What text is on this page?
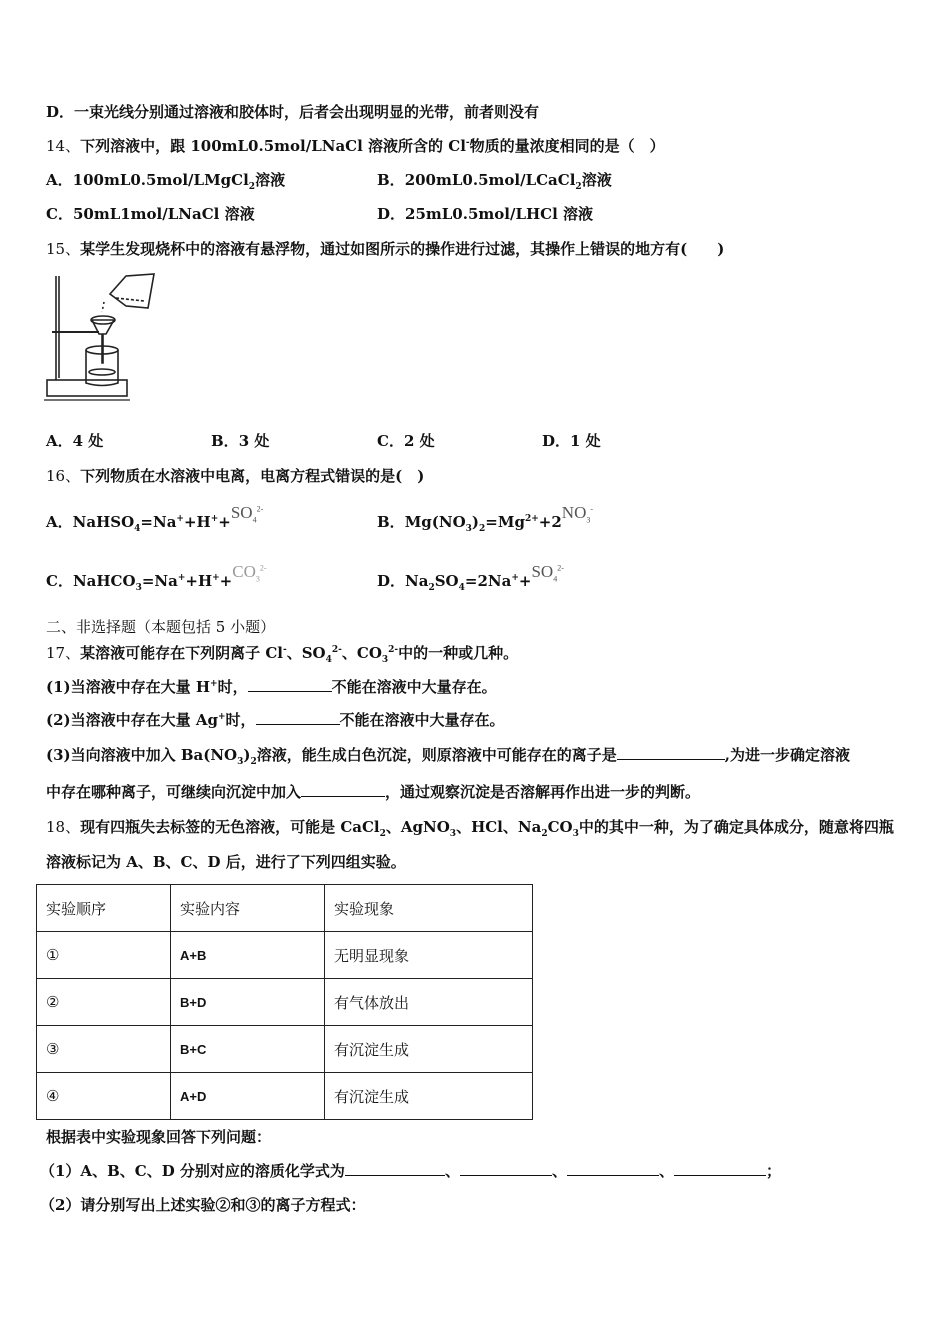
D．一束光线分别通过溶液和胶体时，后者会出现明显的光带，前者则没有
14、下列溶液中，跟 100mL0.5mol/LNaCl 溶液所含的 Cl-物质的量浓度相同的是（　）
A．100mL0.5mol/LMgCl$_2$溶液	B．200mL0.5mol/LCaCl$_2$溶液
C．50mL1mol/LNaCl 溶液	D．25mL0.5mol/LHCl 溶液
15、某学生发现烧杯中的溶液有悬浮物，通过如图所示的操作进行过滤，其操作上错误的地方有(　　)
A．4 处	B．3 处	C．2 处	D．1 处
16、下列物质在水溶液中电离，电离方程式错误的是(　)
A．$NaHSO_4=Na^++H^++SO_4^{2-}$
B．$Mg(NO_3)_2=Mg^{2+}+2NO_3^-$
C．$NaHCO_3=Na^++H^++CO_3^{2-}$
D．$Na_2SO_4=2Na^++SO_4^{2-}$
二、非选择题（本题包括 5 小题）
17、某溶液可能存在下列阴离子 Cl-、$SO_4^{2-}$、$CO_3^{2-}$中的一种或几种。
(1)当溶液中存在大量 H+时，	不能在溶液中大量存在。
(2)当溶液中存在大量 Ag+时，	不能在溶液中大量存在。
(3)当向溶液中加入 $Ba(NO_3)_2$溶液，能生成白色沉淀，则原溶液中可能存在的离子是	,为进一步确定溶液
中存在哪种离子，可继续向沉淀中加入	，通过观察沉淀是否溶解再作出进一步的判断。
18、现有四瓶失去标签的无色溶液，可能是 CaCl$_2$、AgNO$_3$、HCl、$Na_2CO_3$中的其中一种，为了确定具体成分，随意将四瓶
溶液标记为 A、B、C、D 后，进行了下列四组实验。
实验顺序	实验内容	实验现象
①	A+B	无明显现象
②	B+D	有气体放出
③	B+C	有沉淀生成
④	A+D	有沉淀生成
根据表中实验现象回答下列问题：
（1）A、B、C、D 分别对应的溶质化学式为	、	、	、	；
（2）请分别写出上述实验②和③的离子方程式：
